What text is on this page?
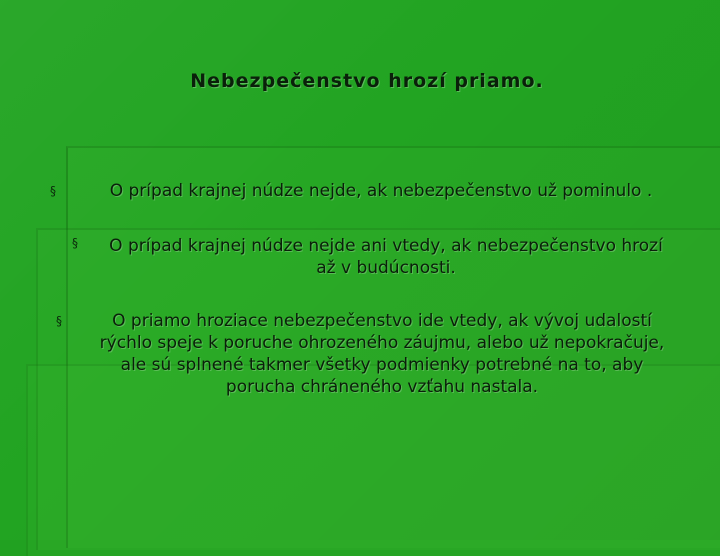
Nebezpečenstvo hrozí priamo.
§	O prípad krajnej núdze nejde, ak nebezpečenstvo už pominulo .
§ O prípad krajnej núdze nejde ani vtedy, ak nebezpečenstvo hrozí až v budúcnosti.
§	O priamo hroziace nebezpečenstvo ide vtedy, ak vývoj udalostí rýchlo speje k poruche ohrozeného záujmu, alebo už nepokračuje, ale sú splnené takmer všetky podmienky potrebné na to, aby porucha chráneného vzťahu nastala.
